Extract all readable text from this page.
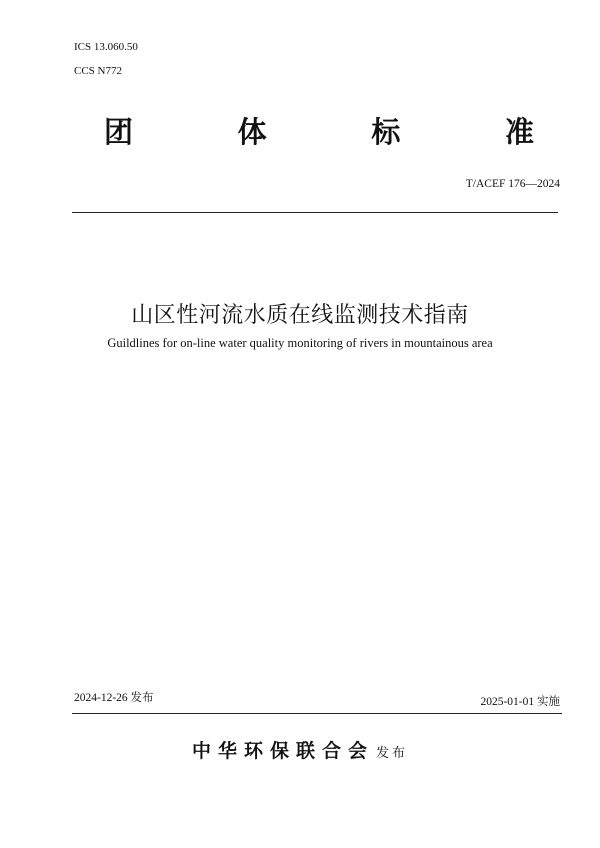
ICS 13.060.50
CCS N772
团	体	标	准
T/ACEF 176—2024
山区性河流水质在线监测技术指南
Guildlines for on-line water quality monitoring of rivers in mountainous area
2024-12-26 发布	2025-01-01 实施
中华环保联合会 发布
